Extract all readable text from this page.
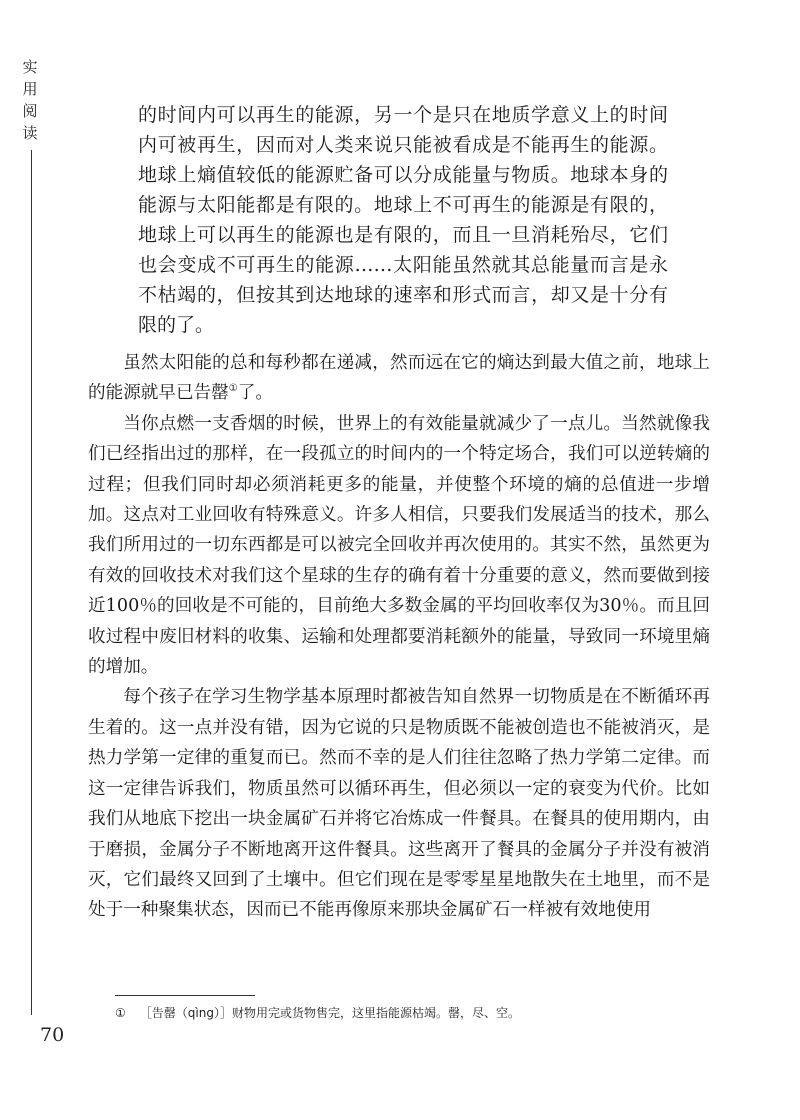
实
用
阅
读

的时间内可以再生的能源，另一个是只在地质学意义上的时间内可被再生，因而对人类来说只能被看成是不能再生的能源。地球上熵值较低的能源贮备可以分成能量与物质。地球本身的能源与太阳能都是有限的。地球上不可再生的能源是有限的，地球上可以再生的能源也是有限的，而且一旦消耗殆尽，它们也会变成不可再生的能源……太阳能虽然就其总能量而言是永不枯竭的，但按其到达地球的速率和形式而言，却又是十分有限的了。

虽然太阳能的总和每秒都在递减，然而远在它的熵达到最大值之前，地球上的能源就早已告罄①了。

当你点燃一支香烟的时候，世界上的有效能量就减少了一点儿。当然就像我们已经指出过的那样，在一段孤立的时间内的一个特定场合，我们可以逆转熵的过程；但我们同时却必须消耗更多的能量，并使整个环境的熵的总值进一步增加。这点对工业回收有特殊意义。许多人相信，只要我们发展适当的技术，那么我们所用过的一切东西都是可以被完全回收并再次使用的。其实不然，虽然更为有效的回收技术对我们这个星球的生存的确有着十分重要的意义，然而要做到接近100％的回收是不可能的，目前绝大多数金属的平均回收率仅为30％。而且回收过程中废旧材料的收集、运输和处理都要消耗额外的能量，导致同一环境里熵的增加。

每个孩子在学习生物学基本原理时都被告知自然界一切物质是在不断循环再生着的。这一点并没有错，因为它说的只是物质既不能被创造也不能被消灭，是热力学第一定律的重复而已。然而不幸的是人们往往忽略了热力学第二定律。而这一定律告诉我们，物质虽然可以循环再生，但必须以一定的衰变为代价。比如我们从地底下挖出一块金属矿石并将它冶炼成一件餐具。在餐具的使用期内，由于磨损，金属分子不断地离开这件餐具。这些离开了餐具的金属分子并没有被消灭，它们最终又回到了土壤中。但它们现在是零零星星地散失在土地里，而不是处于一种聚集状态，因而已不能再像原来那块金属矿石一样被有效地使用

① ［告罄（qìng）］财物用完或货物售完，这里指能源枯竭。罄，尽、空。
70
